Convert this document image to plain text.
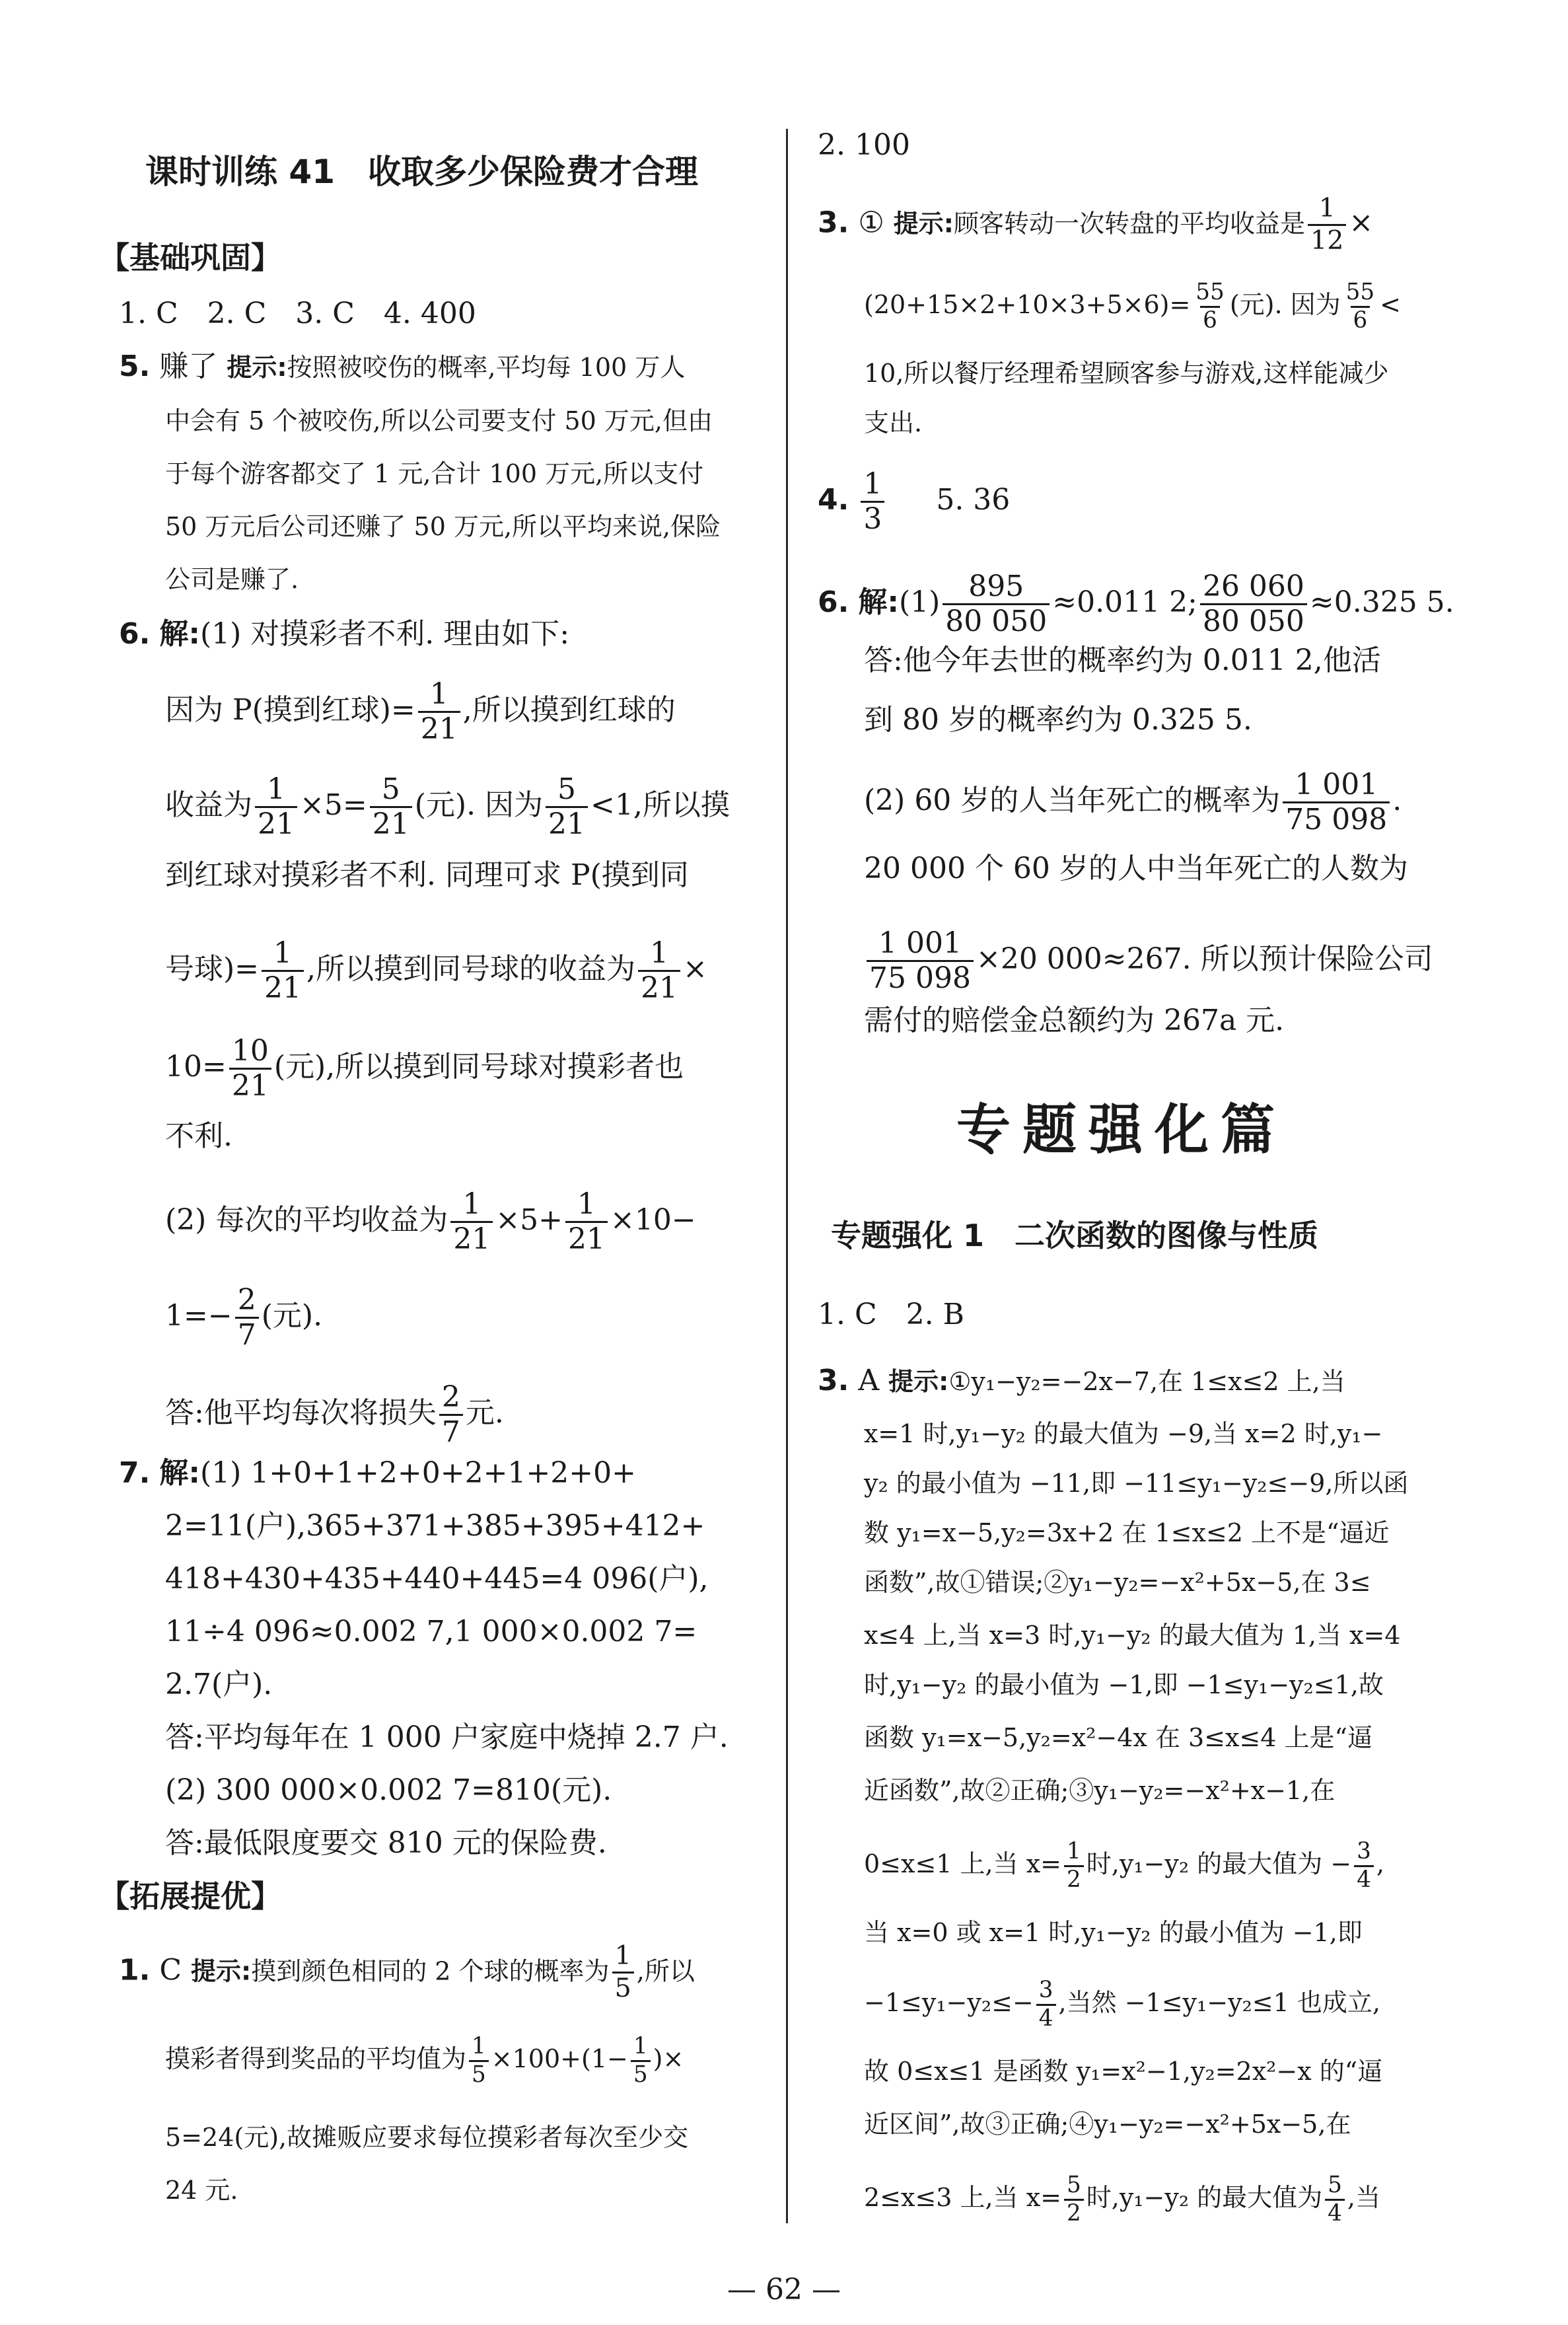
课时训练 41　收取多少保险费才合理
【基础巩固】
1. C　2. C　3. C　4. 400
5. 赚了 提示:按照被咬伤的概率,平均每 100 万人
中会有 5 个被咬伤,所以公司要支付 50 万元,但由
于每个游客都交了 1 元,合计 100 万元,所以支付
50 万元后公司还赚了 50 万元,所以平均来说,保险
公司是赚了.
6. 解:(1) 对摸彩者不利. 理由如下:
因为 P(摸到红球)= $\frac{1}{21}$ ,所以摸到红球的
收益为 $\frac{1}{21} \times 5= \frac{5}{21}$ (元). 因为 $\frac{5}{21} <1$,所以摸
到红球对摸彩者不利. 同理可求 P(摸到同
号球)= $\frac{1}{21}$ ,所以摸到同号球的收益为 $\frac{1}{21}$ ×
$10= \frac{10}{21}$ (元),所以摸到同号球对摸彩者也
不利.
(2) 每次的平均收益为 $\frac{1}{21} \times 5+ \frac{1}{21} \times 10-$
$1=- \frac{2}{7}$ (元).
答:他平均每次将损失 $\frac{2}{7}$ 元.
7. 解:(1) 1+0+1+2+0+2+1+2+0+
2=11(户),365+371+385+395+412+
418+430+435+440+445=4 096(户),
11÷4 096≈0.002 7,1 000×0.002 7=
2.7(户).
答:平均每年在 1 000 户家庭中烧掉 2.7 户.
(2) 300 000×0.002 7=810(元).
答:最低限度要交 810 元的保险费.
【拓展提优】
1. C 提示:摸到颜色相同的 2 个球的概率为 $\frac{1}{5}$ ,所以
摸彩者得到奖品的平均值为 $\frac{1}{5} \times 100+(1- \frac{1}{5}$ )×
5=24(元),故摊贩应要求每位摸彩者每次至少交
24 元.
2. 100
3. ① 提示:顾客转动一次转盘的平均收益是 $\frac{1}{12}$ ×
$(20+15\times 2+10\times 3+5\times 6)= \frac{55}{6}$ (元). 因为 $\frac{55}{6}$ <
10,所以餐厅经理希望顾客参与游戏,这样能减少
支出.
4. $\frac{1}{3} 5$. 36
6. 解:(1) $\frac{895}{80 050} \approx 0.011$ 2; $\frac{26 060}{80 050} \approx 0.325$ 5.
答:他今年去世的概率约为 0.011 2,他活
到 80 岁的概率约为 0.325 5.
(2) 60 岁的人当年死亡的概率为 $\frac{1 001}{75 098}$ .
20 000 个 60 岁的人中当年死亡的人数为
$\frac{1 001}{75 098} \times 20$ 000≈267. 所以预计保险公司
需付的赔偿金总额约为 267a 元.
专题强化篇
专题强化 1　二次函数的图像与性质
1. C　2. B
3. A 提示:①y₁−y₂=−2x−7,在 1≤x≤2 上,当
x=1 时,y₁−y₂ 的最大值为 −9,当 x=2 时,y₁−
y₂ 的最小值为 −11,即 −11≤y₁−y₂≤−9,所以函
数 y₁=x−5,y₂=3x+2 在 1≤x≤2 上不是“逼近
函数”,故①错误;②y₁−y₂=−x²+5x−5,在 3≤
x≤4 上,当 x=3 时,y₁−y₂ 的最大值为 1,当 x=4
时,y₁−y₂ 的最小值为 −1,即 −1≤y₁−y₂≤1,故
函数 y₁=x−5,y₂=x²−4x 在 3≤x≤4 上是“逼
近函数”,故②正确;③y₁−y₂=−x²+x−1,在
0≤x≤1 上,当 $x= \frac{1}{2}$ 时,y₁−y₂ 的最大值为 − $\frac{3}{4}$ ,
当 x=0 或 x=1 时,y₁−y₂ 的最小值为 −1,即
$-1\le y_1-y_2\le- \frac{3}{4}$ ,当然 −1≤y₁−y₂≤1 也成立,
故 0≤x≤1 是函数 y₁=x²−1,y₂=2x²−x 的“逼
近区间”,故③正确;④y₁−y₂=−x²+5x−5,在
2≤x≤3 上,当 $x= \frac{5}{2}$ 时,y₁−y₂ 的最大值为 $\frac{5}{4}$ ,当
— 62 —
